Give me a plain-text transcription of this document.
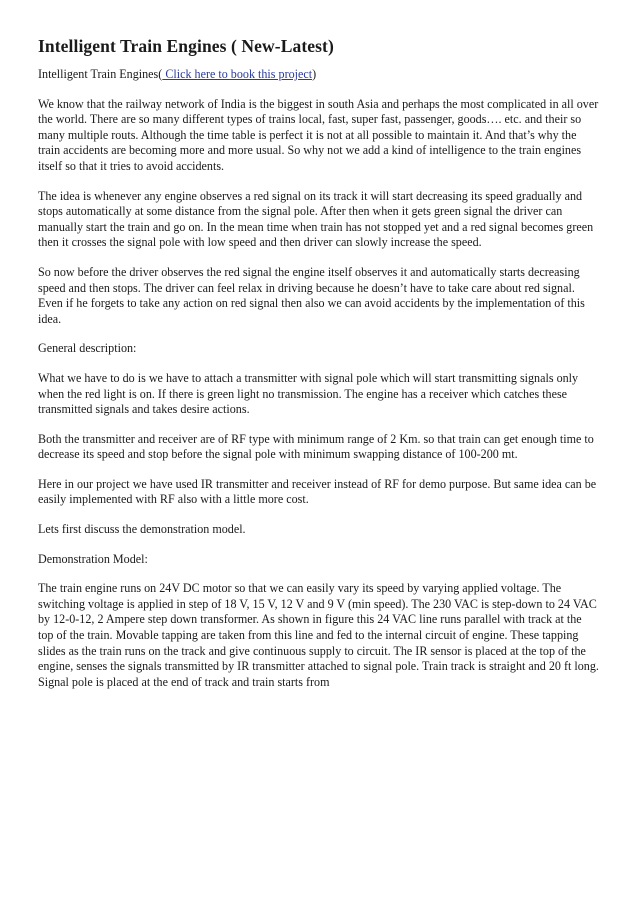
Intelligent Train Engines ( New-Latest)

Intelligent Train Engines( Click here to book this project)

We know that the railway network of India is the biggest in south Asia and perhaps the most complicated in all over the world. There are so many different types of trains local, fast, super fast, passenger, goods…. etc. and their so many multiple routs. Although the time table is perfect it is not at all possible to maintain it. And that’s why the train accidents are becoming more and more usual. So why not we add a kind of intelligence to the train engines itself so that it tries to avoid accidents.

The idea is whenever any engine observes a red signal on its track it will start decreasing its speed gradually and stops automatically at some distance from the signal pole. After then when it gets green signal the driver can manually start the train and go on. In the mean time when train has not stopped yet and a red signal becomes green then it crosses the signal pole with low speed and then driver can slowly increase the speed.

So now before the driver observes the red signal the engine itself observes it and automatically starts decreasing speed and then stops. The driver can feel relax in driving because he doesn’t have to take care about red signal. Even if he forgets to take any action on red signal then also we can avoid accidents by the implementation of this idea.

General description:

What we have to do is we have to attach a transmitter with signal pole which will start transmitting signals only when the red light is on. If there is green light no transmission. The engine has a receiver which catches these transmitted signals and takes desire actions.

Both the transmitter and receiver are of RF type with minimum range of 2 Km. so that train can get enough time to decrease its speed and stop before the signal pole with minimum swapping distance of 100-200 mt.

Here in our project we have used IR transmitter and receiver instead of RF for demo purpose. But same idea can be easily implemented with RF also with a little more cost.

Lets first discuss the demonstration model.

Demonstration Model:

The train engine runs on 24V DC motor so that we can easily vary its speed by varying applied voltage. The switching voltage is applied in step of 18 V, 15 V, 12 V and 9 V (min speed). The 230 VAC is step-down to 24 VAC by 12-0-12, 2 Ampere step down transformer. As shown in figure this 24 VAC line runs parallel with track at the top of the train. Movable tapping are taken from this line and fed to the internal circuit of engine. These tapping slides as the train runs on the track and give continuous supply to circuit. The IR sensor is placed at the top of the engine, senses the signals transmitted by IR transmitter attached to signal pole. Train track is straight and 20 ft long. Signal pole is placed at the end of track and train starts from
